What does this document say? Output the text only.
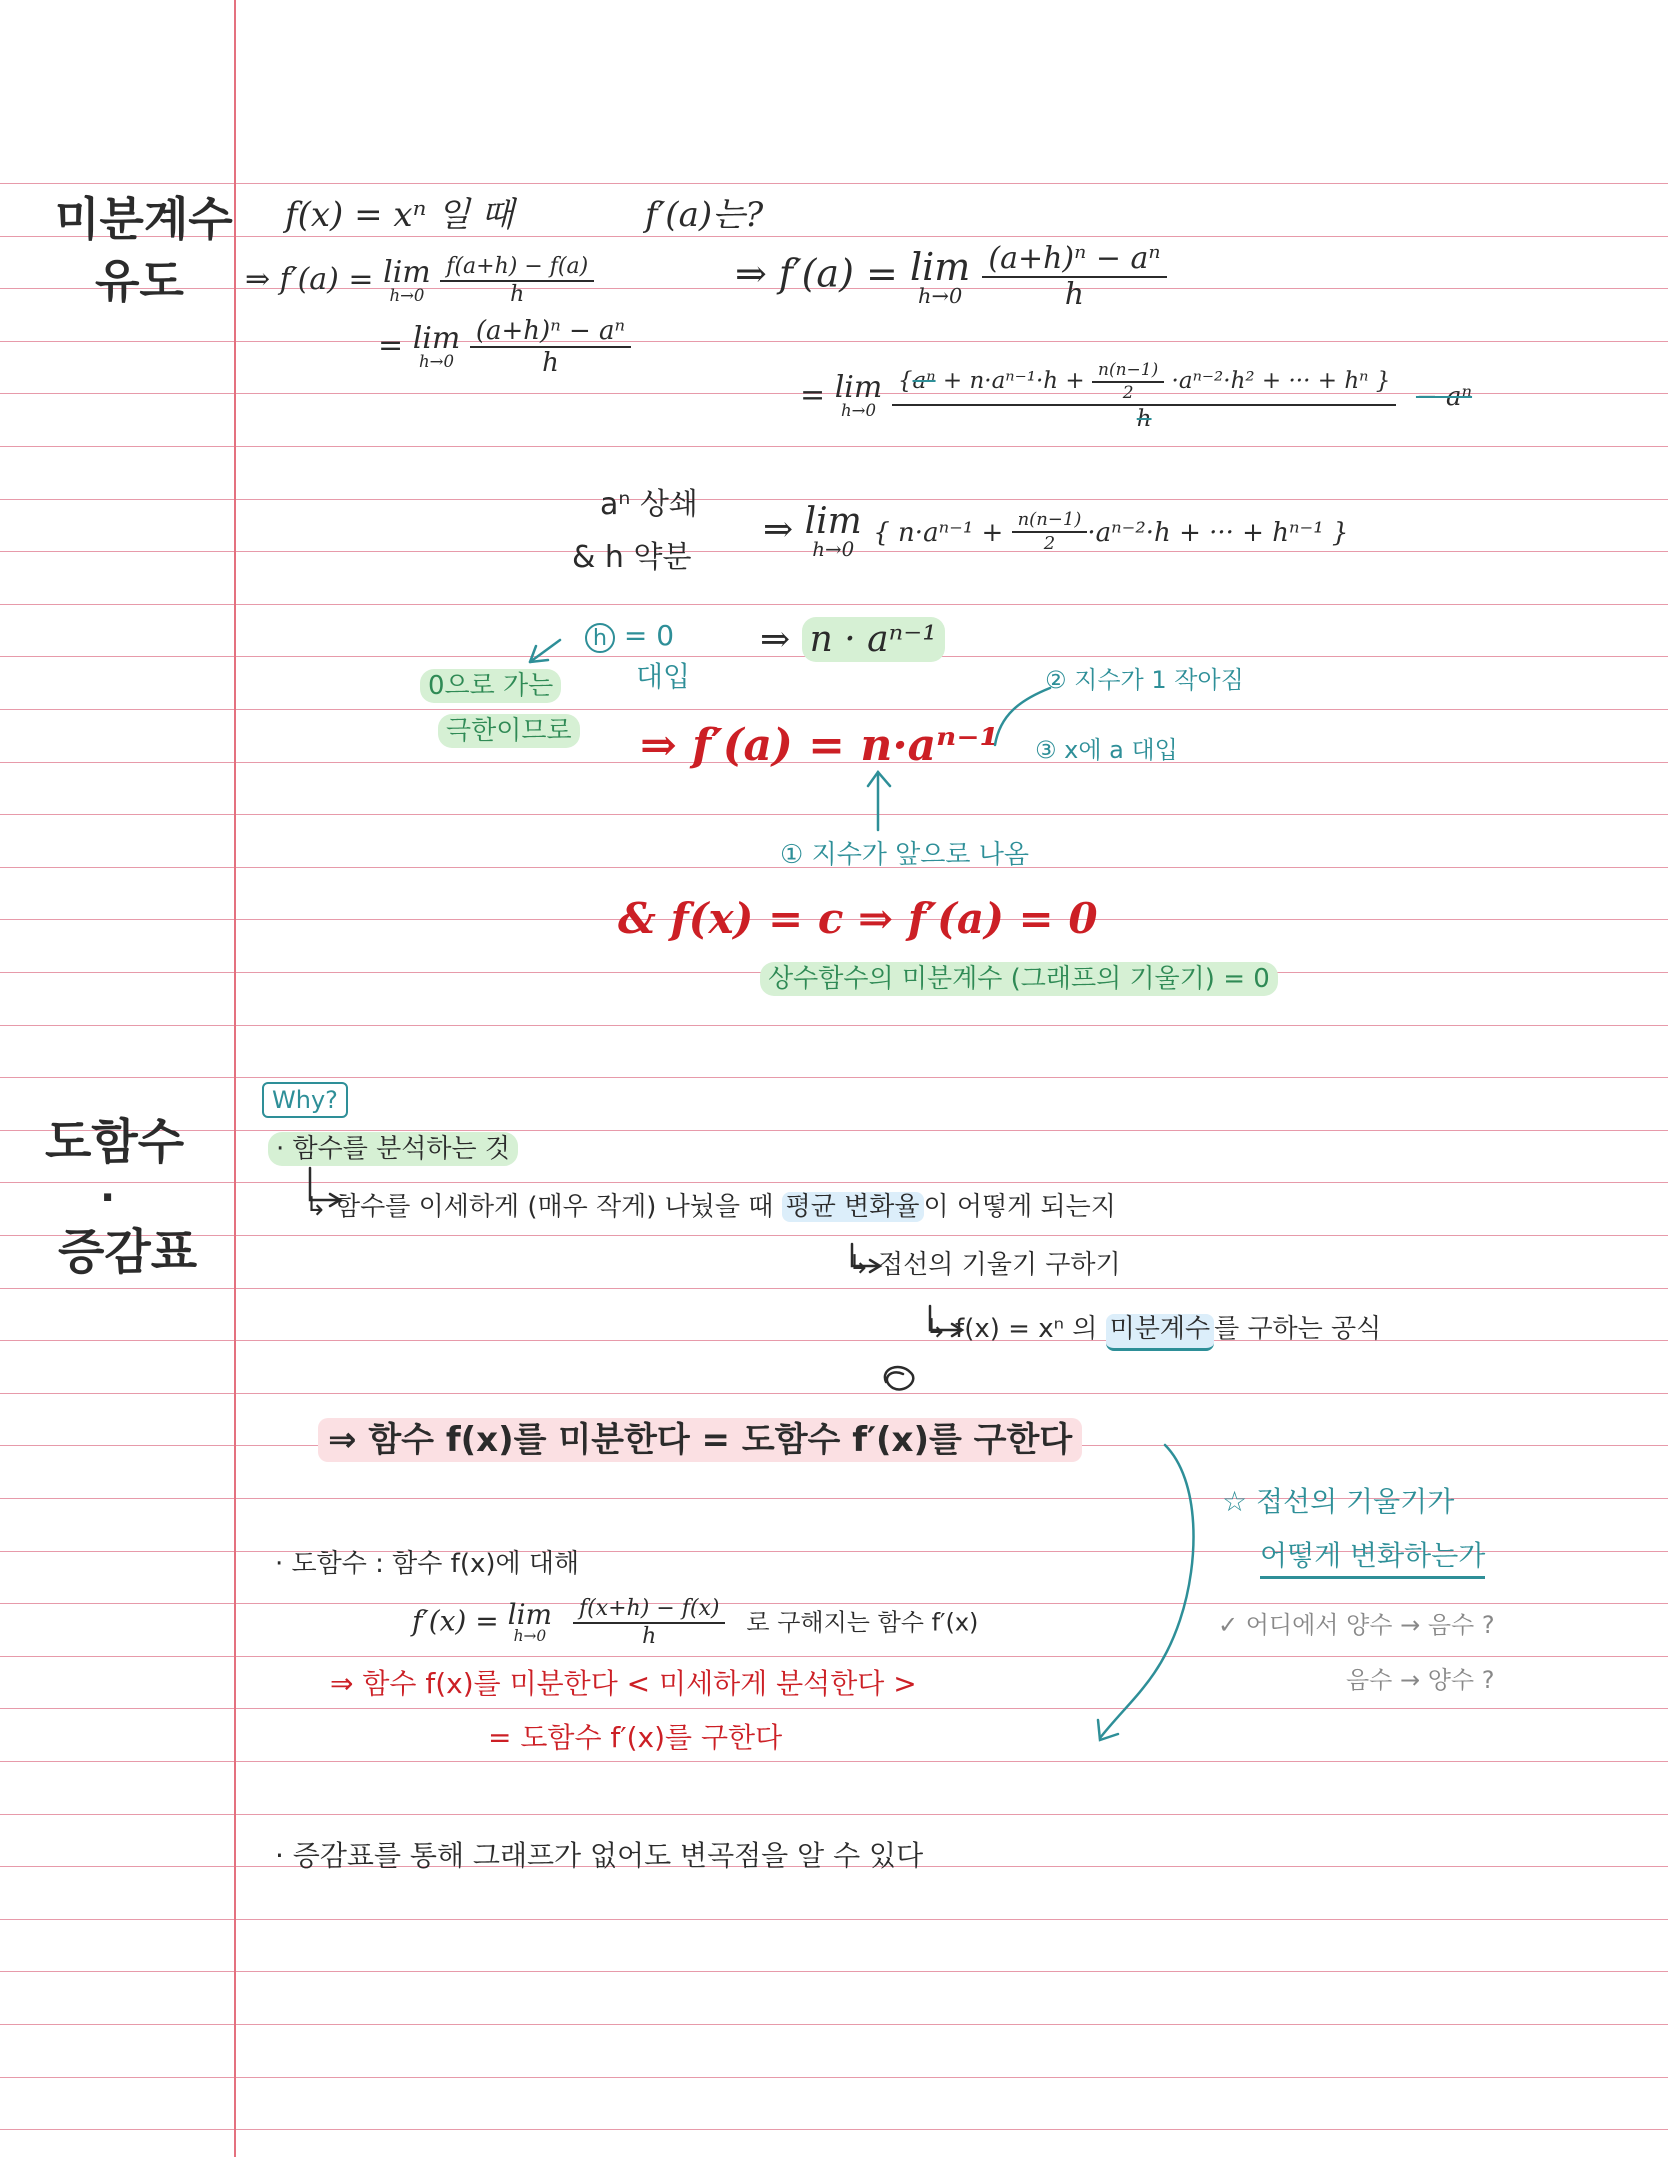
미분계수
유도
f(x) = xⁿ 일 때	f′(a)는?
⇒ f′(a) = lim
h→0
$\frac{f(a+h) - f(a)}{h}$
= lim
h→0
$\frac{\text{(a+h)ⁿ − aⁿ}}{h}$
⇒ f′(a) = lim
h→0
$\frac{\text{(a+h)ⁿ − aⁿ}}{h}$
= lim
h→0
$\frac{\{a^n + n\cdot a^{n-1}\cdot h + \frac{n(n-1)}{2} \cdot a^{n-2}\cdot h^2 + \cdot\cdot\cdot + h^n \}}{h} - a^n$
aⁿ 상쇄
& h 약분
⇒ lim
h→0
{ $n\cdot a^{n-1} + \frac{n(n-1)}{2} \cdot a^{n-2}\cdot h$ + ··· + hⁿ⁻¹ }
h = 0
대입
0으로 가는
극한이므로
⇒ n · aⁿ⁻¹
② 지수가 1 작아짐
③ x에 a 대입
⇒ f′(a) = n·aⁿ⁻¹
① 지수가 앞으로 나옴
& f(x) = c ⇒ f′(a) = 0
상수함수의 미분계수 (그래프의 기울기) = 0
도함수
·
증감표
Why?
· 함수를 분석하는 것
↳ 함수를 이세하게 (매우 작게) 나눴을 때 평균 변화율 이 어떻게 되는지
↳ 접선의 기울기 구하기
↳ f(x) = xⁿ 의 미분계수 를 구하는 공식
⇒ 함수 f(x)를 미분한다 = 도함수 f′(x)를 구한다
☆ 접선의 기울기가
어떻게 변화하는가
✓ 어디에서 양수 → 음수 ?
음수 → 양수 ?
· 도함수 : 함수 f(x)에 대해
f′(x) = lim
h→0
$\frac{f(x+h) - f(x)}{h}$ 로 구해지는 함수 f′(x)
⇒ 함수 f(x)를 미분한다 < 미세하게 분석한다 >
= 도함수 f′(x)를 구한다
· 증감표를 통해 그래프가 없어도 변곡점을 알 수 있다
